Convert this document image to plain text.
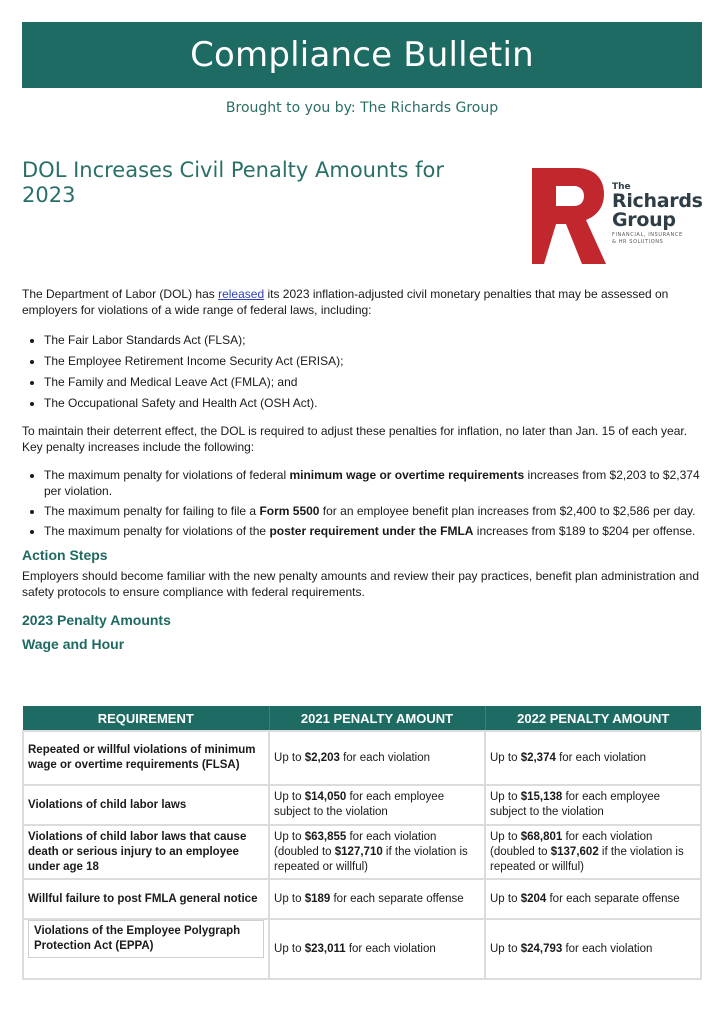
Compliance Bulletin
Brought to you by: The Richards Group
DOL Increases Civil Penalty Amounts for 2023	The
Richards
Group
FINANCIAL, INSURANCE
& HR SOLUTIONS

The Department of Labor (DOL) has released its 2023 inflation-adjusted civil monetary penalties that may be assessed on employers for violations of a wide range of federal laws, including:

• The Fair Labor Standards Act (FLSA);
• The Employee Retirement Income Security Act (ERISA);
• The Family and Medical Leave Act (FMLA); and
• The Occupational Safety and Health Act (OSH Act).

To maintain their deterrent effect, the DOL is required to adjust these penalties for inflation, no later than Jan. 15 of each year. Key penalty increases include the following:

• The maximum penalty for violations of federal minimum wage or overtime requirements increases from $2,203 to $2,374 per violation.
• The maximum penalty for failing to file a Form 5500 for an employee benefit plan increases from $2,400 to $2,586 per day.
• The maximum penalty for violations of the poster requirement under the FMLA increases from $189 to $204 per offense.
Action Steps

Employers should become familiar with the new penalty amounts and review their pay practices, benefit plan administration and safety protocols to ensure compliance with federal requirements.

2023 Penalty Amounts
Wage and Hour
REQUIREMENT	2021 PENALTY AMOUNT	2022 PENALTY AMOUNT
Repeated or willful violations of minimum wage or overtime requirements (FLSA)	Up to $2,203 for each violation	Up to $2,374 for each violation
Violations of child labor laws	Up to $14,050 for each employee subject to the violation	Up to $15,138 for each employee subject to the violation
Violations of child labor laws that cause death or serious injury to an employee under age 18	Up to $63,855 for each violation (doubled to $127,710 if the violation is repeated or willful)	Up to $68,801 for each violation (doubled to $137,602 if the violation is repeated or willful)
Willful failure to post FMLA general notice	Up to $189 for each separate offense	Up to $204 for each separate offense

Violations of the Employee Polygraph Protection Act (EPPA)	Up to $23,011 for each violation	Up to $24,793 for each violation
